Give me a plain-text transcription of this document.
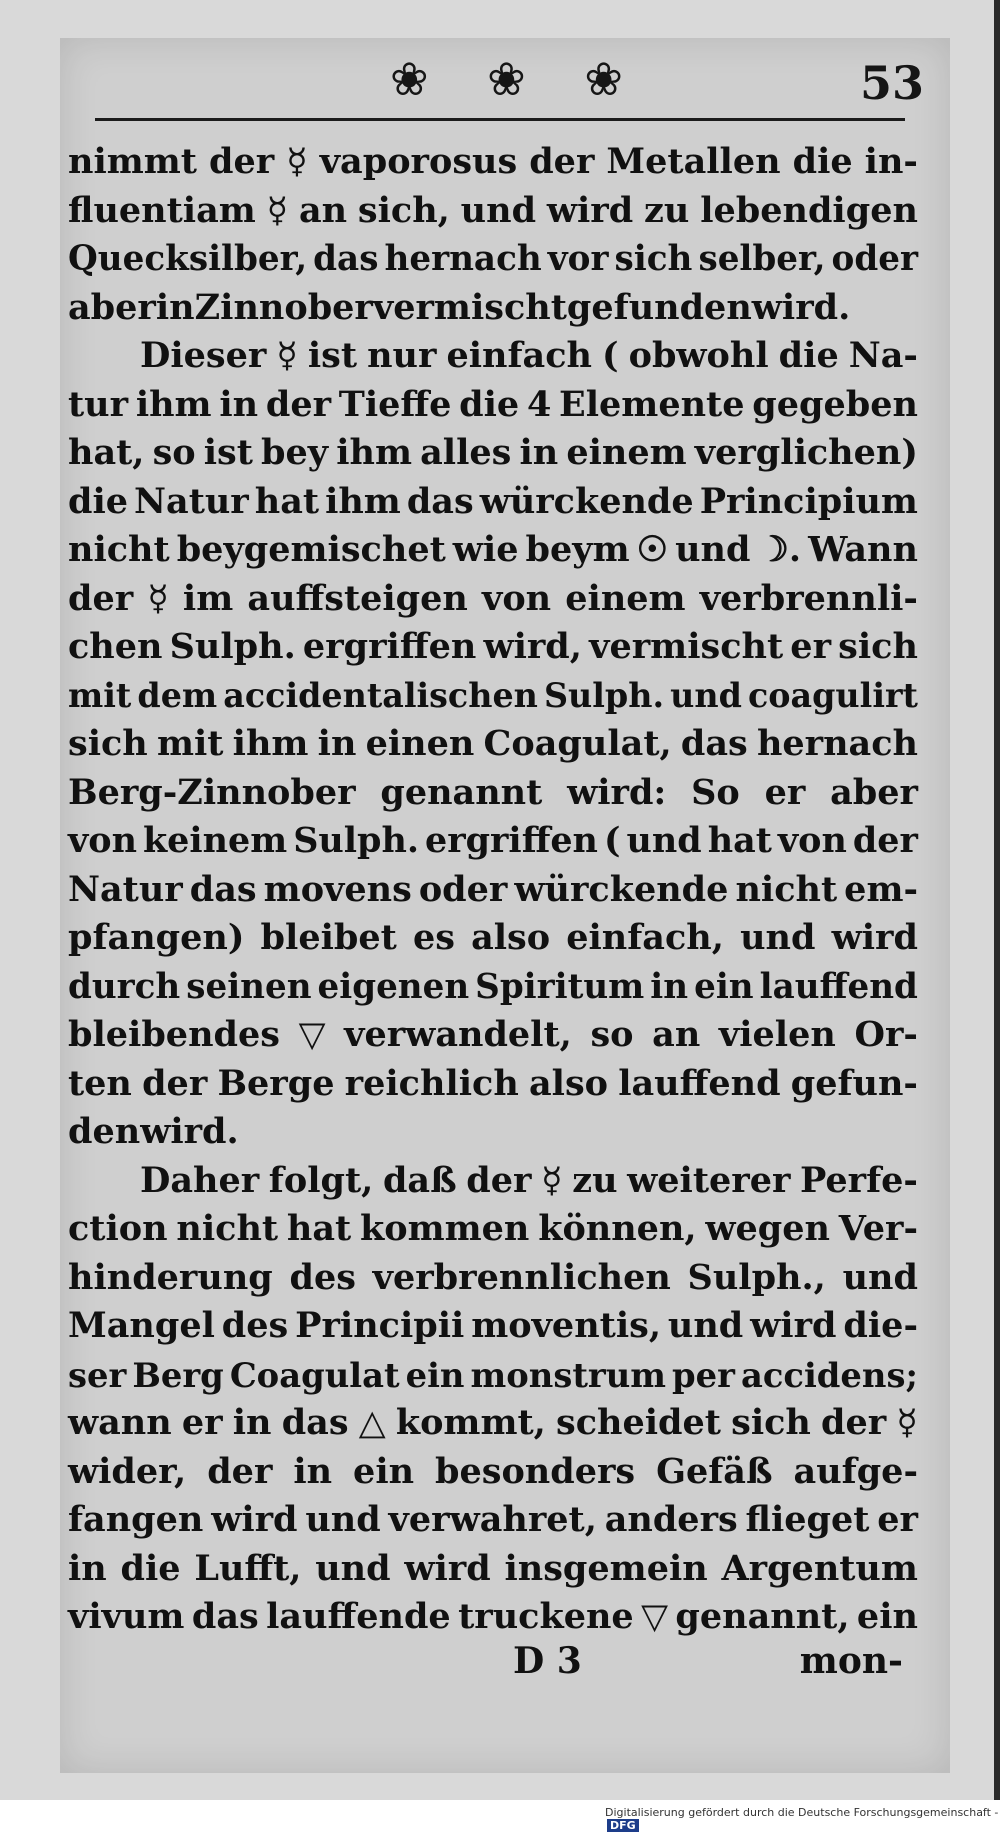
❀ ❀ ❀	53
nimmt der ☿ vaporosus der Metallen die in-
fluentiam ☿ an sich, und wird zu lebendigen
Quecksilber, das hernach vor sich selber, oder
aber in Zinnober vermischt gefunden wird.
Dieser ☿ ist nur einfach ( obwohl die Na-
tur ihm in der Tieffe die 4 Elemente gegeben
hat, so ist bey ihm alles in einem verglichen)
die Natur hat ihm das würckende Principium
nicht beygemischet wie beym ☉ und ☽. Wann
der ☿ im auffsteigen von einem verbrennli-
chen Sulph. ergriffen wird, vermischt er sich
mit dem accidentalischen Sulph. und coagulirt
sich mit ihm in einen Coagulat, das hernach
Berg-Zinnober genannt wird: So er aber
von keinem Sulph. ergriffen ( und hat von der
Natur das movens oder würckende nicht em-
pfangen) bleibet es also einfach, und wird
durch seinen eigenen Spiritum in ein lauffend
bleibendes ▽ verwandelt, so an vielen Or-
ten der Berge reichlich also lauffend gefun-
den wird.
Daher folgt, daß der ☿ zu weiterer Perfe-
ction nicht hat kommen können, wegen Ver-
hinderung des verbrennlichen Sulph., und
Mangel des Principii moventis, und wird die-
ser Berg Coagulat ein monstrum per accidens;
wann er in das △ kommt, scheidet sich der ☿
wider, der in ein besonders Gefäß aufge-
fangen wird und verwahret, anders flieget er
in die Lufft, und wird insgemein Argentum
vivum das lauffende truckene ▽ genannt, ein
D 3	mon-
Digitalisierung gefördert durch die Deutsche Forschungsgemeinschaft - DFG
